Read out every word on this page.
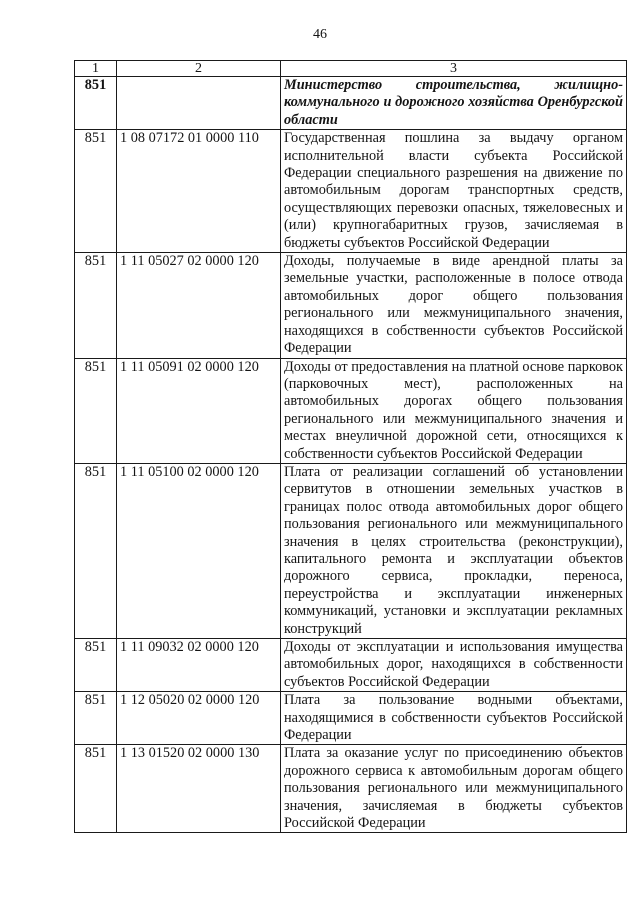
46
1	2	3
851		Министерство строительства, жилищно-коммунального и дорожного хозяйства Оренбургской области
851	1 08 07172 01 0000 110	Государственная пошлина за выдачу органом исполнительной власти субъекта Российской Федерации специального разрешения на движение по автомобильным дорогам транспортных средств, осуществляющих перевозки опасных, тяжеловесных и (или) крупногабаритных грузов, зачисляемая в бюджеты субъектов Российской Федерации
851	1 11 05027 02 0000 120	Доходы, получаемые в виде арендной платы за земельные участки, расположенные в полосе отвода автомобильных дорог общего пользования регионального или межмуниципального значения, находящихся в собственности субъектов Российской Федерации
851	1 11 05091 02 0000 120	Доходы от предоставления на платной основе парковок (парковочных мест), расположенных на автомобильных дорогах общего пользования регионального или межмуниципального значения и местах внеуличной дорожной сети, относящихся к собственности субъектов Российской Федерации
851	1 11 05100 02 0000 120	Плата от реализации соглашений об установлении сервитутов в отношении земельных участков в границах полос отвода автомобильных дорог общего пользования регионального или межмуниципального значения в целях строительства (реконструкции), капитального ремонта и эксплуатации объектов дорожного сервиса, прокладки, переноса, переустройства и эксплуатации инженерных коммуникаций, установки и эксплуатации рекламных конструкций
851	1 11 09032 02 0000 120	Доходы от эксплуатации и использования имущества автомобильных дорог, находящихся в собственности субъектов Российской Федерации
851	1 12 05020 02 0000 120	Плата за пользование водными объектами, находящимися в собственности субъектов Российской Федерации
851	1 13 01520 02 0000 130	Плата за оказание услуг по присоединению объектов дорожного сервиса к автомобильным дорогам общего пользования регионального или межмуниципального значения, зачисляемая в бюджеты субъектов Российской Федерации
